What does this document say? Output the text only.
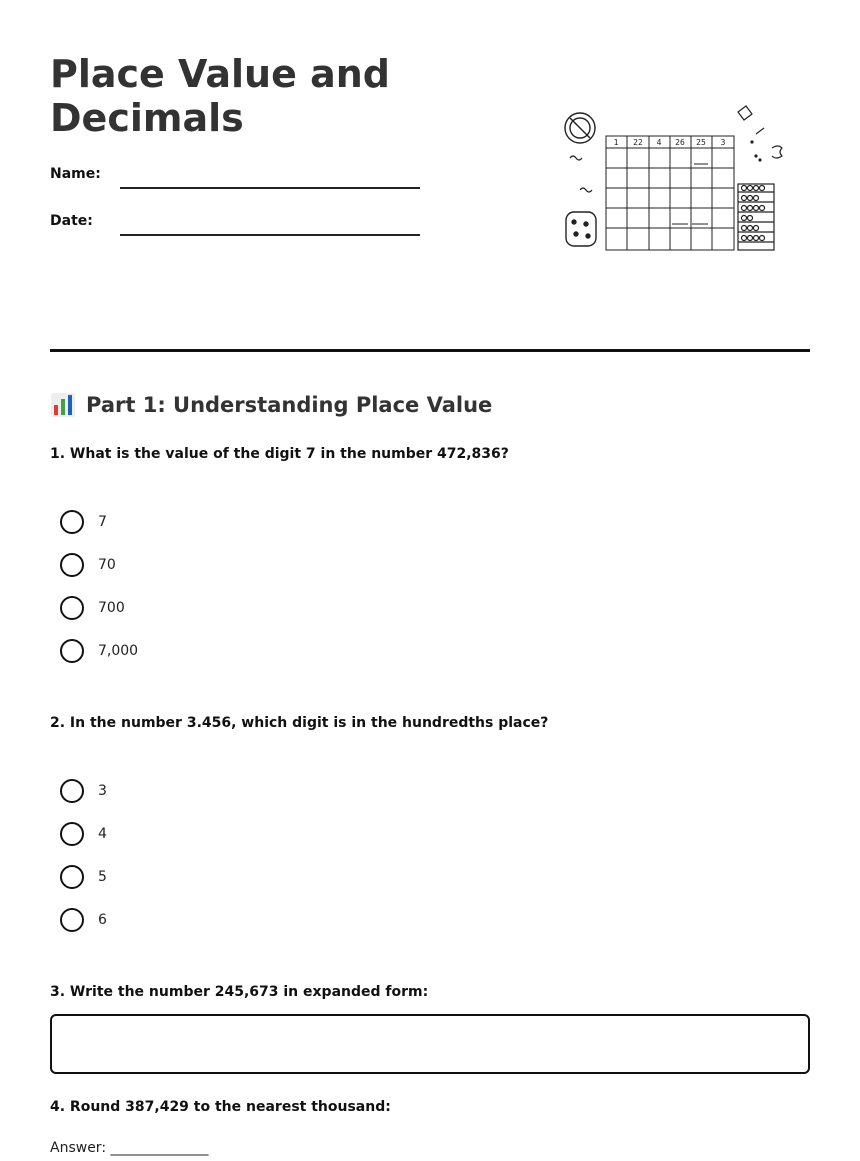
Place Value and
Decimals
Name:
Date:
1 22 4 26 25 3
Part 1: Understanding Place Value
1. What is the value of the digit 7 in the number 472,836?
7
70
700
7,000
2. In the number 3.456, which digit is in the hundredths place?
3
4
5
6
3. Write the number 245,673 in expanded form:
4. Round 387,429 to the nearest thousand:
Answer: ______________
